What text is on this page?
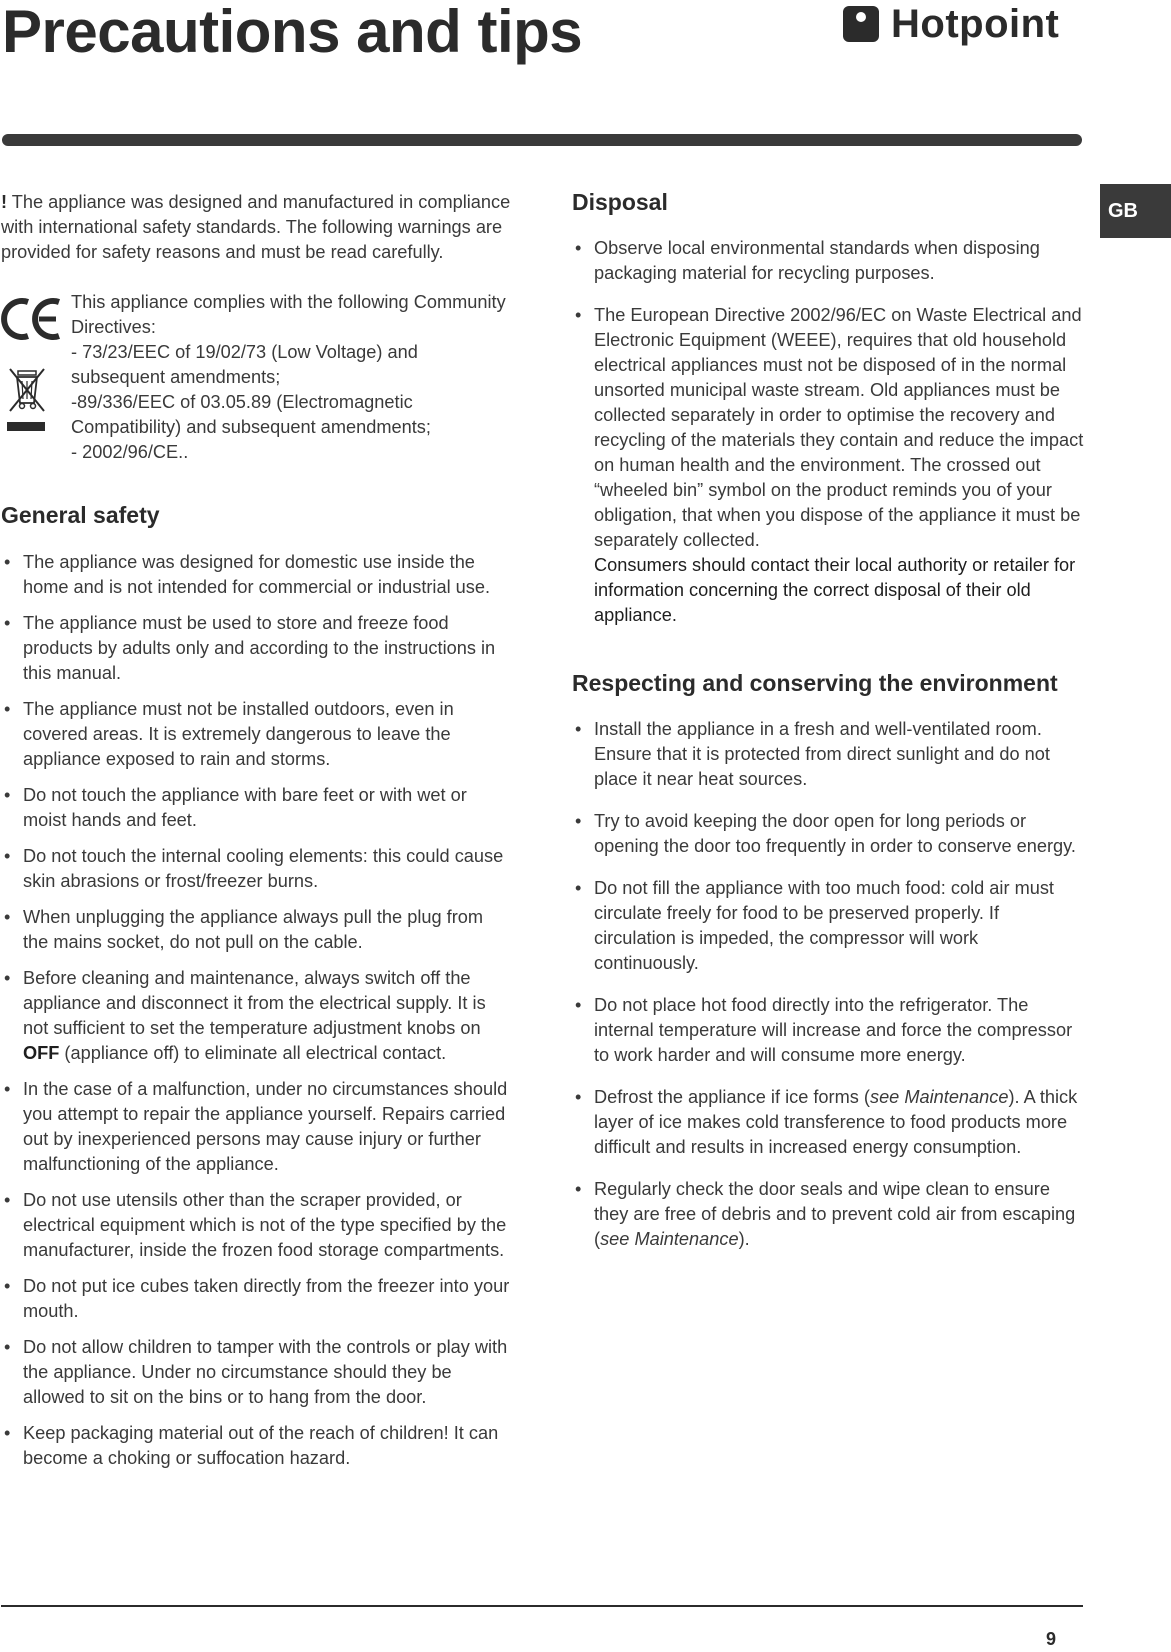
Precautions and tips	Hotpoint
GB

! The appliance was designed and manufactured in compliance with international safety standards. The following warnings are provided for safety reasons and must be read carefully.

This appliance complies with the following Community Directives:

- 73/23/EEC of 19/02/73 (Low Voltage) and subsequent amendments;

-89/336/EEC of 03.05.89 (Electromagnetic Compatibility) and subsequent amendments;

- 2002/96/CE..

General safety
• The appliance was designed for domestic use inside the home and is not intended for commercial or industrial use.
• The appliance must be used to store and freeze food products by adults only and according to the instructions in this manual.
• The appliance must not be installed outdoors, even in covered areas. It is extremely dangerous to leave the appliance exposed to rain and storms.
• Do not touch the appliance with bare feet or with wet or moist hands and feet.
• Do not touch the internal cooling elements: this could cause skin abrasions or frost/freezer burns.
• When unplugging the appliance always pull the plug from the mains socket, do not pull on the cable.
• Before cleaning and maintenance, always switch off the appliance and disconnect it from the electrical supply. It is not sufficient to set the temperature adjustment knobs on OFF (appliance off) to eliminate all electrical contact.
• In the case of a malfunction, under no circumstances should you attempt to repair the appliance yourself. Repairs carried out by inexperienced persons may cause injury or further malfunctioning of the appliance.
• Do not use utensils other than the scraper provided, or electrical equipment which is not of the type specified by the manufacturer, inside the frozen food storage compartments.
• Do not put ice cubes taken directly from the freezer into your mouth.
• Do not allow children to tamper with the controls or play with the appliance. Under no circumstance should they be allowed to sit on the bins or to hang from the door.
• Keep packaging material out of the reach of children! It can become a choking or suffocation hazard.
Disposal
• Observe local environmental standards when disposing packaging material for recycling purposes.
• The European Directive 2002/96/EC on Waste Electrical and Electronic Equipment (WEEE), requires that old household electrical appliances must not be disposed of in the normal unsorted municipal waste stream. Old appliances must be collected separately in order to optimise the recovery and recycling of the materials they contain and reduce the impact on human health and the environment. The crossed out “wheeled bin” symbol on the product reminds you of your obligation, that when you dispose of the appliance it must be separately collected.
Consumers should contact their local authority or retailer for information concerning the correct disposal of their old appliance.
Respecting and conserving the environment
• Install the appliance in a fresh and well-ventilated room. Ensure that it is protected from direct sunlight and do not place it near heat sources.
• Try to avoid keeping the door open for long periods or opening the door too frequently in order to conserve energy.
• Do not fill the appliance with too much food: cold air must circulate freely for food to be preserved properly. If circulation is impeded, the compressor will work continuously.
• Do not place hot food directly into the refrigerator. The internal temperature will increase and force the compressor to work harder and will consume more energy.
• Defrost the appliance if ice forms (see Maintenance). A thick layer of ice makes cold transference to food products more difficult and results in increased energy consumption.
• Regularly check the door seals and wipe clean to ensure they are free of debris and to prevent cold air from escaping (see Maintenance).
9
